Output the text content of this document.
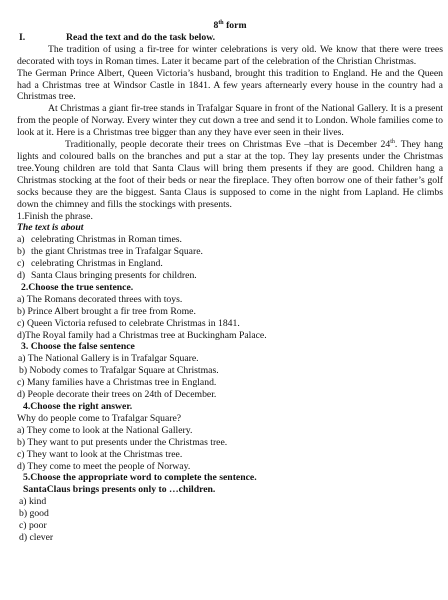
8th form
I.	Read the text and do the task below.

The tradition of using a fir-tree for winter celebrations is very old. We know that there were trees decorated with toys in Roman times. Later it became part of the celebration of the Christian Christmas.

The German Prince Albert, Queen Victoria’s husband, brought this tradition to England. He and the Queen had a Christmas tree at Windsor Castle in 1841. A few years afternearly every house in the country had a Christmas tree.

At Christmas a giant fir-tree stands in Trafalgar Square in front of the National Gallery. It is a present from the people of Norway. Every winter they cut down a tree and send it to London. Whole families come to look at it. Here is a Christmas tree bigger than any they have ever seen in their lives.

Traditionally, people decorate their trees on Christmas Eve –that is December 24th. They hang lights and coloured balls on the branches and put a star at the top. They lay presents under the Christmas tree.Young children are told that Santa Claus will bring them presents if they are good. Children hang a Christmas stocking at the foot of their beds or near the fireplace. They often borrow one of their father’s golf socks because they are the biggest. Santa Claus is supposed to come in the night from Lapland. He climbs down the chimney and fills the stockings with presents.

1.Finish the phrase.
The text is about
a) celebrating Christmas in Roman times.
b) the giant Christmas tree in Trafalgar Square.
c) celebrating Christmas in England.
d) Santa Claus bringing presents for children.
2.Choose the true sentence.
a) The Romans decorated threes with toys.
b) Prince Albert brought a fir tree from Rome.
c) Queen Victoria refused to celebrate Christmas in 1841.
d)The Royal family had a Christmas tree at Buckingham Palace.
3. Choose the false sentence
a) The National Gallery is in Trafalgar Square.
b) Nobody comes to Trafalgar Square at Christmas.
c) Many families have a Christmas tree in England.
d) People decorate their trees on 24th of December.
4.Choose the right answer.
Why do people come to Trafalgar Square?
a) They come to look at the National Gallery.
b) They want to put presents under the Christmas tree.
c) They want to look at the Christmas tree.
d) They come to meet the people of Norway.
5.Choose the appropriate word to complete the sentence.
SantaClaus brings presents only to …children.
a) kind
b) good
c) poor
d) clever
